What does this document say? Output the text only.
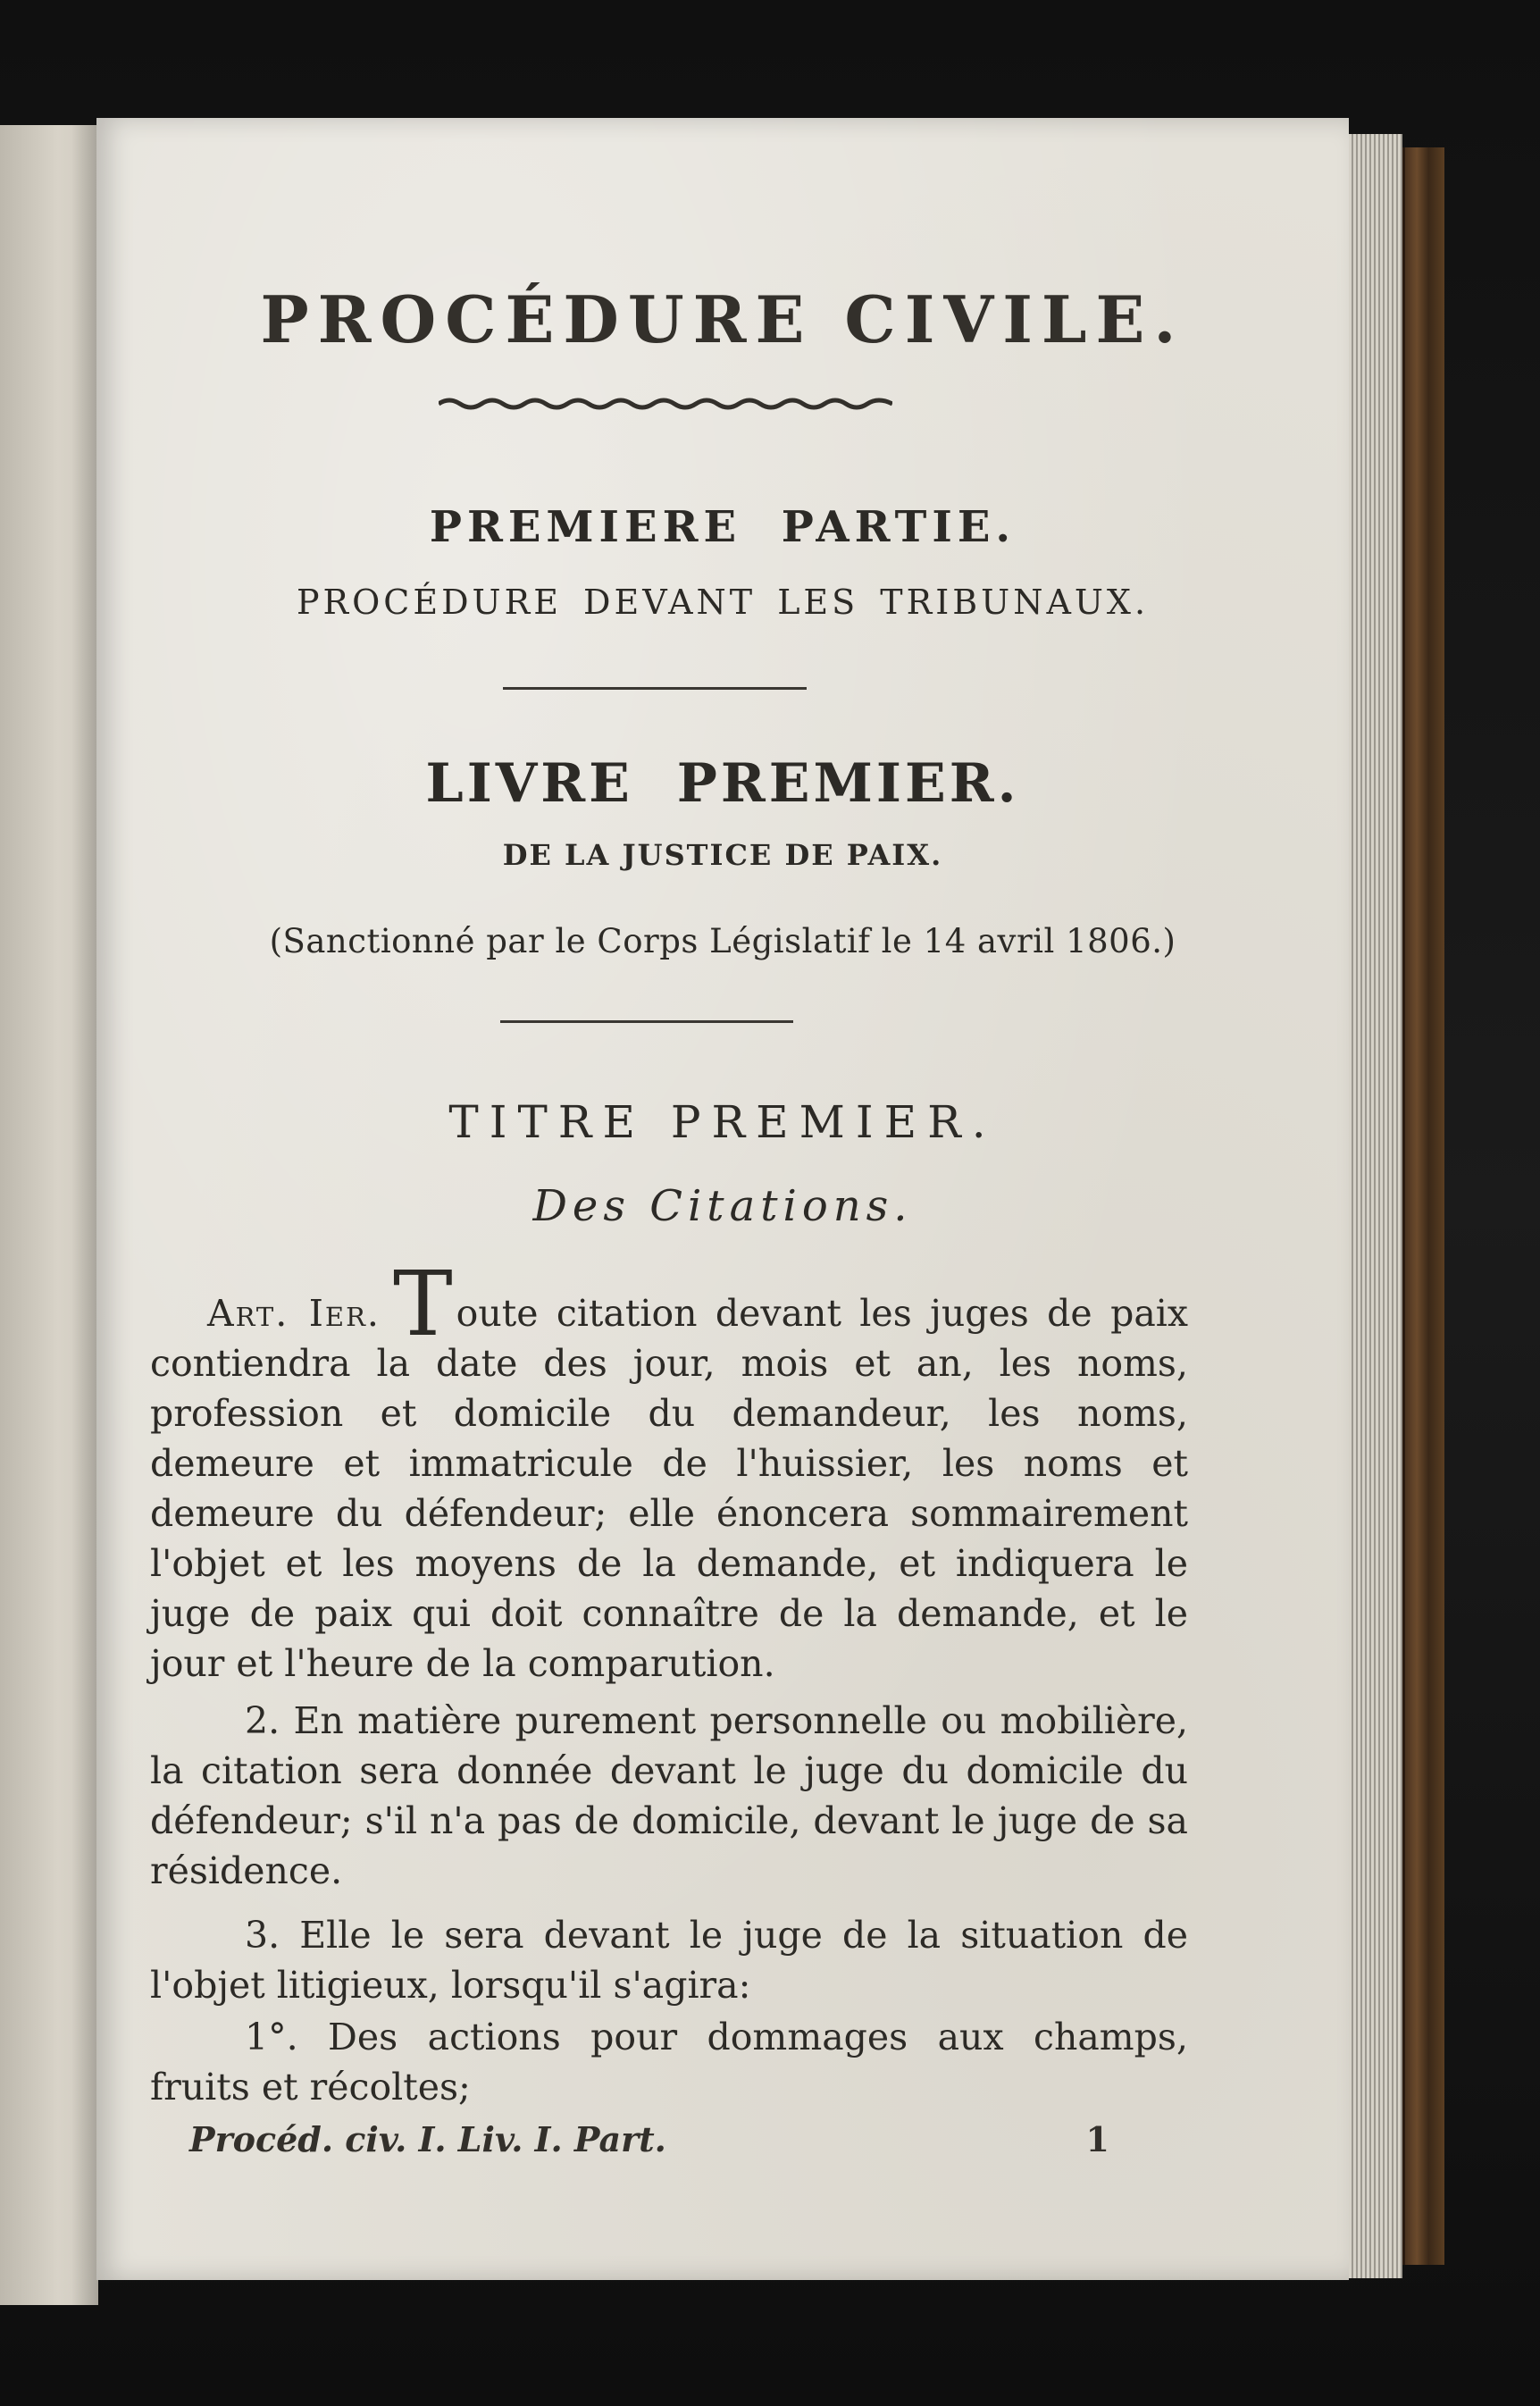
PROCÉDURE CIVILE.
PREMIERE PARTIE.
PROCÉDURE DEVANT LES TRIBUNAUX.
LIVRE PREMIER.
DE LA JUSTICE DE PAIX.
(Sanctionné par le Corps Législatif le 14 avril 1806.)
TITRE PREMIER.
Des Citations.
Art. Ier. Toute citation devant les juges de paix contiendra la date des jour, mois et an, les noms, profession et domicile du demandeur, les noms, demeure et immatricule de l'huissier, les noms et demeure du défendeur; elle énoncera sommairement l'objet et les moyens de la demande, et indiquera le juge de paix qui doit connaître de la demande, et le jour et l'heure de la comparution.
2. En matière purement personnelle ou mobilière, la citation sera donnée devant le juge du domicile du défendeur; s'il n'a pas de domicile, devant le juge de sa résidence.
3. Elle le sera devant le juge de la situation de l'objet litigieux, lorsqu'il s'agira:
1°. Des actions pour dommages aux champs, fruits et récoltes;
Procéd. civ. I. Liv. I. Part.	1
